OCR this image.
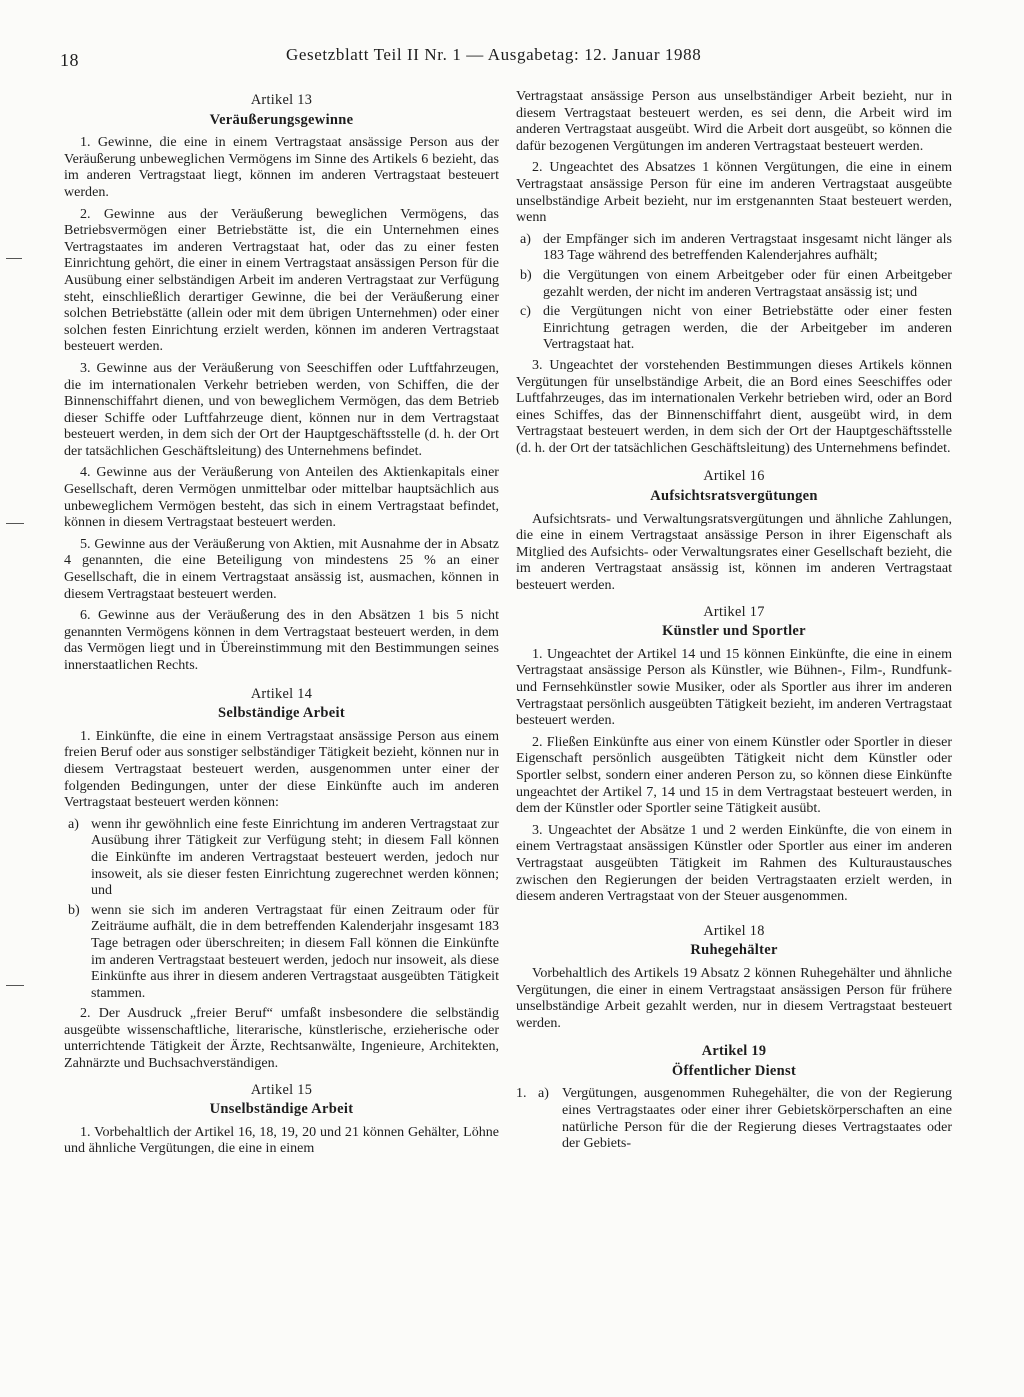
18	Gesetzblatt Teil II Nr. 1 — Ausgabetag: 12. Januar 1988
Artikel 13
Veräußerungsgewinne

1. Gewinne, die eine in einem Vertragstaat ansässige Person aus der Veräußerung unbeweglichen Vermögens im Sinne des Artikels 6 bezieht, das im anderen Vertragstaat liegt, können im anderen Vertragstaat besteuert werden.

2. Gewinne aus der Veräußerung beweglichen Vermögens, das Betriebsvermögen einer Betriebstätte ist, die ein Unternehmen eines Vertragstaates im anderen Vertragstaat hat, oder das zu einer festen Einrichtung gehört, die einer in einem Vertragstaat ansässigen Person für die Ausübung einer selbständigen Arbeit im anderen Vertragstaat zur Verfügung steht, einschließlich derartiger Gewinne, die bei der Veräußerung einer solchen Betriebstätte (allein oder mit dem übrigen Unternehmen) oder einer solchen festen Einrichtung erzielt werden, können im anderen Vertragstaat besteuert werden.

3. Gewinne aus der Veräußerung von Seeschiffen oder Luftfahrzeugen, die im internationalen Verkehr betrieben werden, von Schiffen, die der Binnenschiffahrt dienen, und von beweglichem Vermögen, das dem Betrieb dieser Schiffe oder Luftfahrzeuge dient, können nur in dem Vertragstaat besteuert werden, in dem sich der Ort der Hauptgeschäftsstelle (d. h. der Ort der tatsächlichen Geschäftsleitung) des Unternehmens befindet.

4. Gewinne aus der Veräußerung von Anteilen des Aktienkapitals einer Gesellschaft, deren Vermögen unmittelbar oder mittelbar hauptsächlich aus unbeweglichem Vermögen besteht, das sich in einem Vertragstaat befindet, können in diesem Vertragstaat besteuert werden.

5. Gewinne aus der Veräußerung von Aktien, mit Ausnahme der in Absatz 4 genannten, die eine Beteiligung von mindestens 25 % an einer Gesellschaft, die in einem Vertragstaat ansässig ist, ausmachen, können in diesem Vertragstaat besteuert werden.

6. Gewinne aus der Veräußerung des in den Absätzen 1 bis 5 nicht genannten Vermögens können in dem Vertragstaat besteuert werden, in dem das Vermögen liegt und in Übereinstimmung mit den Bestimmungen seines innerstaatlichen Rechts.

Artikel 14
Selbständige Arbeit

1. Einkünfte, die eine in einem Vertragstaat ansässige Person aus einem freien Beruf oder aus sonstiger selbständiger Tätigkeit bezieht, können nur in diesem Vertragstaat besteuert werden, ausgenommen unter einer der folgenden Bedingungen, unter der diese Einkünfte auch im anderen Vertragstaat besteuert werden können:

a) wenn ihr gewöhnlich eine feste Einrichtung im anderen Vertragstaat zur Ausübung ihrer Tätigkeit zur Verfügung steht; in diesem Fall können die Einkünfte im anderen Vertragstaat besteuert werden, jedoch nur insoweit, als sie dieser festen Einrichtung zugerechnet werden können; und
b) wenn sie sich im anderen Vertragstaat für einen Zeitraum oder für Zeiträume aufhält, die in dem betreffenden Kalenderjahr insgesamt 183 Tage betragen oder überschreiten; in diesem Fall können die Einkünfte im anderen Vertragstaat besteuert werden, jedoch nur insoweit, als diese Einkünfte aus ihrer in diesem anderen Vertragstaat ausgeübten Tätigkeit stammen.

2. Der Ausdruck „freier Beruf“ umfaßt insbesondere die selbständig ausgeübte wissenschaftliche, literarische, künstlerische, erzieherische oder unterrichtende Tätigkeit der Ärzte, Rechtsanwälte, Ingenieure, Architekten, Zahnärzte und Buchsachverständigen.

Artikel 15
Unselbständige Arbeit

1. Vorbehaltlich der Artikel 16, 18, 19, 20 und 21 können Gehälter, Löhne und ähnliche Vergütungen, die eine in einem

Vertragstaat ansässige Person aus unselbständiger Arbeit bezieht, nur in diesem Vertragstaat besteuert werden, es sei denn, die Arbeit wird im anderen Vertragstaat ausgeübt. Wird die Arbeit dort ausgeübt, so können die dafür bezogenen Vergütungen im anderen Vertragstaat besteuert werden.

2. Ungeachtet des Absatzes 1 können Vergütungen, die eine in einem Vertragstaat ansässige Person für eine im anderen Vertragstaat ausgeübte unselbständige Arbeit bezieht, nur im erstgenannten Staat besteuert werden, wenn

a) der Empfänger sich im anderen Vertragstaat insgesamt nicht länger als 183 Tage während des betreffenden Kalenderjahres aufhält;
b) die Vergütungen von einem Arbeitgeber oder für einen Arbeitgeber gezahlt werden, der nicht im anderen Vertragstaat ansässig ist; und
c) die Vergütungen nicht von einer Betriebstätte oder einer festen Einrichtung getragen werden, die der Arbeitgeber im anderen Vertragstaat hat.

3. Ungeachtet der vorstehenden Bestimmungen dieses Artikels können Vergütungen für unselbständige Arbeit, die an Bord eines Seeschiffes oder Luftfahrzeuges, das im internationalen Verkehr betrieben wird, oder an Bord eines Schiffes, das der Binnenschiffahrt dient, ausgeübt wird, in dem Vertragstaat besteuert werden, in dem sich der Ort der Hauptgeschäftsstelle (d. h. der Ort der tatsächlichen Geschäftsleitung) des Unternehmens befindet.

Artikel 16
Aufsichtsratsvergütungen

Aufsichtsrats- und Verwaltungsratsvergütungen und ähnliche Zahlungen, die eine in einem Vertragstaat ansässige Person in ihrer Eigenschaft als Mitglied des Aufsichts- oder Verwaltungsrates einer Gesellschaft bezieht, die im anderen Vertragstaat ansässig ist, können im anderen Vertragstaat besteuert werden.

Artikel 17
Künstler und Sportler

1. Ungeachtet der Artikel 14 und 15 können Einkünfte, die eine in einem Vertragstaat ansässige Person als Künstler, wie Bühnen-, Film-, Rundfunk- und Fernsehkünstler sowie Musiker, oder als Sportler aus ihrer im anderen Vertragstaat persönlich ausgeübten Tätigkeit bezieht, im anderen Vertragstaat besteuert werden.

2. Fließen Einkünfte aus einer von einem Künstler oder Sportler in dieser Eigenschaft persönlich ausgeübten Tätigkeit nicht dem Künstler oder Sportler selbst, sondern einer anderen Person zu, so können diese Einkünfte ungeachtet der Artikel 7, 14 und 15 in dem Vertragstaat besteuert werden, in dem der Künstler oder Sportler seine Tätigkeit ausübt.

3. Ungeachtet der Absätze 1 und 2 werden Einkünfte, die von einem in einem Vertragstaat ansässigen Künstler oder Sportler aus einer im anderen Vertragstaat ausgeübten Tätigkeit im Rahmen des Kulturaustausches zwischen den Regierungen der beiden Vertragstaaten erzielt werden, in diesem anderen Vertragstaat von der Steuer ausgenommen.

Artikel 18
Ruhegehälter

Vorbehaltlich des Artikels 19 Absatz 2 können Ruhegehälter und ähnliche Vergütungen, die einer in einem Vertragstaat ansässigen Person für frühere unselbständige Arbeit gezahlt werden, nur in diesem Vertragstaat besteuert werden.

Artikel 19
Öffentlicher Dienst
1. a) Vergütungen, ausgenommen Ruhegehälter, die von der Regierung eines Vertragstaates oder einer ihrer Gebietskörperschaften an eine natürliche Person für die der Regierung dieses Vertragstaates oder der Gebiets-
